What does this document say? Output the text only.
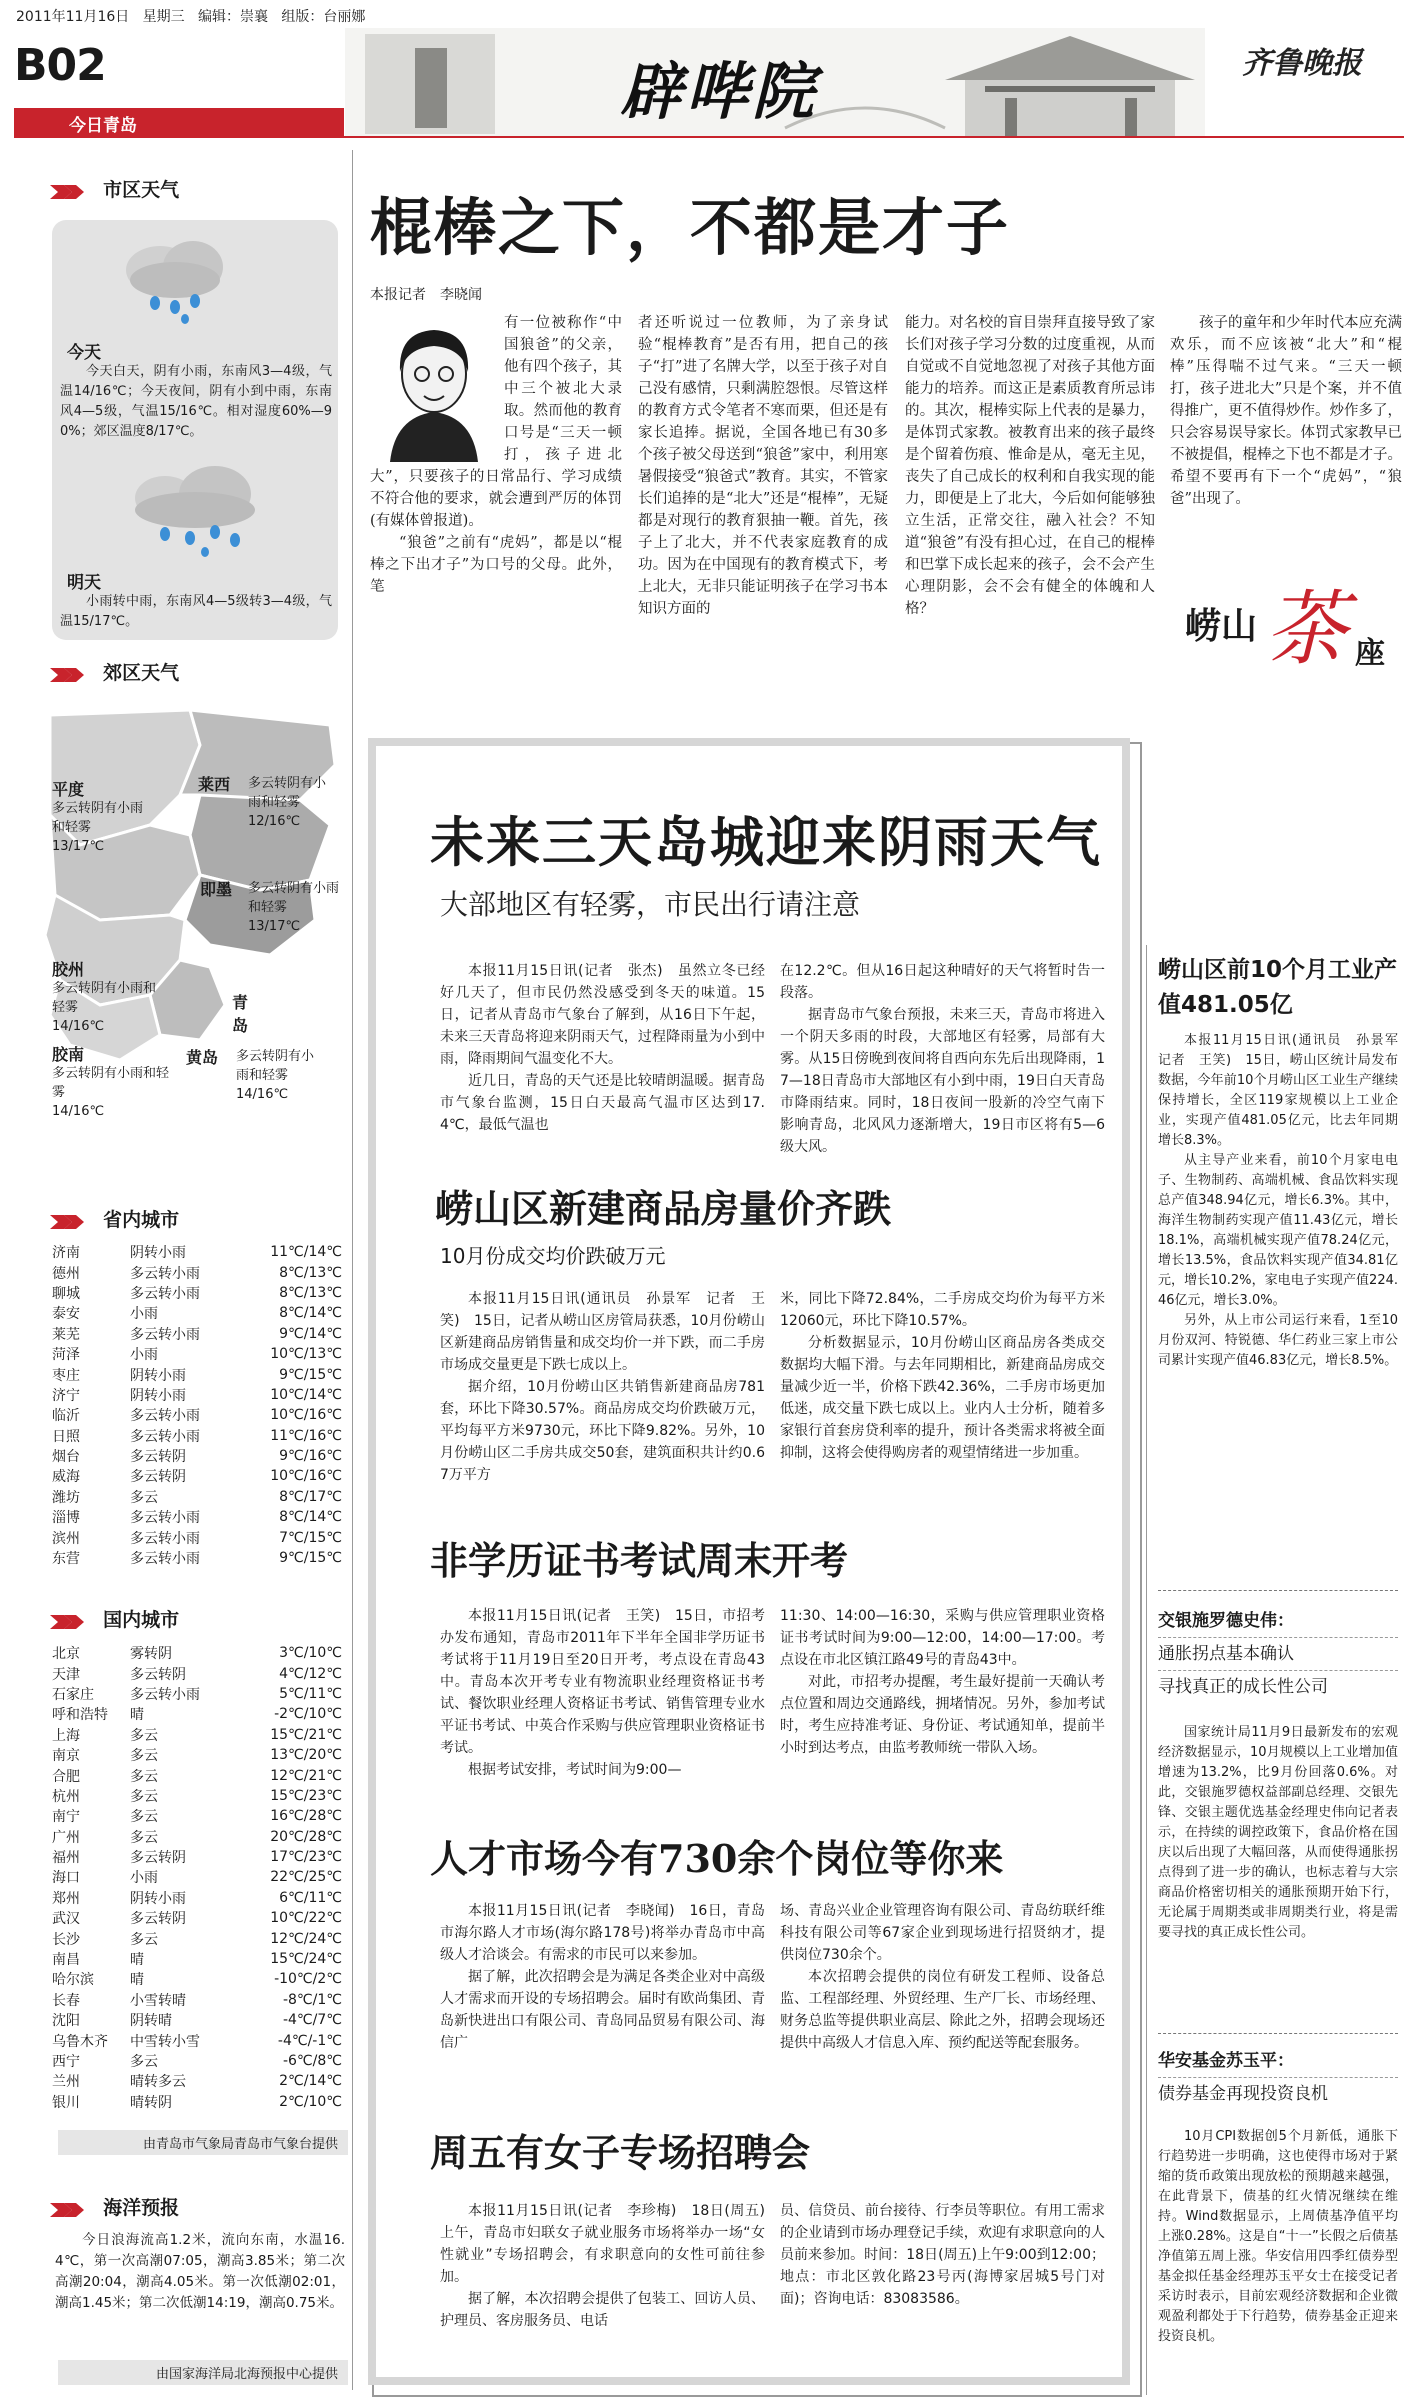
2011年11月16日 星期三 编辑：崇襄 组版：台丽娜
B02
今日青岛	辟哔院	齐鲁晚报
市区天气
今天

今天白天，阴有小雨，东南风3—4级，气温14/16℃；今天夜间，阴有小到中雨，东南风4—5级，气温15/16℃。相对湿度60%—90%；郊区温度8/17℃。

明天

小雨转中雨，东南风4—5级转3—4级，气温15/17℃。

郊区天气
平度
多云转阴有小雨和轻雾
13/17℃
莱西	多云转阴有小雨和轻雾
12/16℃
即墨	多云转阴有小雨和轻雾
13/17℃
胶州
多云转阴有小雨和轻雾
14/16℃
青岛
胶南
多云转阴有小雨和轻雾
14/16℃
黄岛	多云转阴有小雨和轻雾
14/16℃
省内城市
济南	阴转小雨	11℃/14℃
德州	多云转小雨	8℃/13℃
聊城	多云转小雨	8℃/13℃
泰安	小雨	8℃/14℃
莱芜	多云转小雨	9℃/14℃
菏泽	小雨	10℃/13℃
枣庄	阴转小雨	9℃/15℃
济宁	阴转小雨	10℃/14℃
临沂	多云转小雨	10℃/16℃
日照	多云转小雨	11℃/16℃
烟台	多云转阴	9℃/16℃
威海	多云转阴	10℃/16℃
潍坊	多云	8℃/17℃
淄博	多云转小雨	8℃/14℃
滨州	多云转小雨	7℃/15℃
东营	多云转小雨	9℃/15℃
国内城市
北京	雾转阴	3℃/10℃
天津	多云转阴	4℃/12℃
石家庄	多云转小雨	5℃/11℃
呼和浩特	晴	-2℃/10℃
上海	多云	15℃/21℃
南京	多云	13℃/20℃
合肥	多云	12℃/21℃
杭州	多云	15℃/23℃
南宁	多云	16℃/28℃
广州	多云	20℃/28℃
福州	多云转阴	17℃/23℃
海口	小雨	22℃/25℃
郑州	阴转小雨	6℃/11℃
武汉	多云转阴	10℃/22℃
长沙	多云	12℃/24℃
南昌	晴	15℃/24℃
哈尔滨	晴	-10℃/2℃
长春	小雪转晴	-8℃/1℃
沈阳	阴转晴	-4℃/7℃
乌鲁木齐	中雪转小雪	-4℃/-1℃
西宁	多云	-6℃/8℃
兰州	晴转多云	2℃/14℃
银川	晴转阴	2℃/10℃
由青岛市气象局青岛市气象台提供
海洋预报

今日浪海流高1.2米，流向东南，水温16.4℃，第一次高潮07:05，潮高3.85米；第二次高潮20:04，潮高4.05米。第一次低潮02:01，潮高1.45米；第二次低潮14:19，潮高0.75米。

由国家海洋局北海预报中心提供
棍棒之下，不都是才子
本报记者　李晓闻

有一位被称作“中国狼爸”的父亲，他有四个孩子，其中三个被北大录取。然而他的教育口号是“三天一顿打，孩子进北大”，只要孩子的日常品行、学习成绩不符合他的要求，就会遭到严厉的体罚(有媒体曾报道)。

“狼爸”之前有“虎妈”，都是以“棍棒之下出才子”为口号的父母。此外，笔

者还听说过一位教师，为了亲身试验“棍棒教育”是否有用，把自己的孩子“打”进了名牌大学，以至于孩子对自己没有感情，只剩满腔怨恨。尽管这样的教育方式令笔者不寒而栗，但还是有家长追捧。据说，全国各地已有30多个孩子被父母送到“狼爸”家中，利用寒暑假接受“狼爸式”教育。其实，不管家长们追捧的是“北大”还是“棍棒”，无疑都是对现行的教育狠抽一鞭。首先，孩子上了北大，并不代表家庭教育的成功。因为在中国现有的教育模式下，考上北大，无非只能证明孩子在学习书本知识方面的

能力。对名校的盲目崇拜直接导致了家长们对孩子学习分数的过度重视，从而自觉或不自觉地忽视了对孩子其他方面能力的培养。而这正是素质教育所忌讳的。其次，棍棒实际上代表的是暴力，是体罚式家教。被教育出来的孩子最终是个留着伤痕、惟命是从，毫无主见，丧失了自己成长的权利和自我实现的能力，即便是上了北大，今后如何能够独立生活，正常交往，融入社会？不知道“狼爸”有没有担心过，在自己的棍棒和巴掌下成长起来的孩子，会不会产生心理阴影，会不会有健全的体魄和人格？

孩子的童年和少年时代本应充满欢乐，而不应该被“北大”和“棍棒”压得喘不过气来。“三天一顿打，孩子进北大”只是个案，并不值得推广，更不值得炒作。炒作多了，只会容易误导家长。体罚式家教早已不被提倡，棍棒之下也不都是才子。希望不要再有下一个“虎妈”，“狼爸”出现了。

崂山 茶 座
未来三天岛城迎来阴雨天气
大部地区有轻雾，市民出行请注意

本报11月15日讯(记者　张杰)　虽然立冬已经好几天了，但市民仍然没感受到冬天的味道。15日，记者从青岛市气象台了解到，从16日下午起，未来三天青岛将迎来阴雨天气，过程降雨量为小到中雨，降雨期间气温变化不大。

近几日，青岛的天气还是比较晴朗温暖。据青岛市气象台监测，15日白天最高气温市区达到17.4℃，最低气温也

在12.2℃。但从16日起这种晴好的天气将暂时告一段落。

据青岛市气象台预报，未来三天，青岛市将进入一个阴天多雨的时段，大部地区有轻雾，局部有大雾。从15日傍晚到夜间将自西向东先后出现降雨，17—18日青岛市大部地区有小到中雨，19日白天青岛市降雨结束。同时，18日夜间一股新的冷空气南下影响青岛，北风风力逐渐增大，19日市区将有5—6级大风。

崂山区新建商品房量价齐跌
10月份成交均价跌破万元

本报11月15日讯(通讯员　孙景军　记者　王笑)　15日，记者从崂山区房管局获悉，10月份崂山区新建商品房销售量和成交均价一并下跌，而二手房市场成交量更是下跌七成以上。

据介绍，10月份崂山区共销售新建商品房781套，环比下降30.57%。商品房成交均价跌破万元，平均每平方米9730元，环比下降9.82%。另外，10月份崂山区二手房共成交50套，建筑面积共计约0.67万平方

米，同比下降72.84%，二手房成交均价为每平方米12060元，环比下降10.57%。

分析数据显示，10月份崂山区商品房各类成交数据均大幅下滑。与去年同期相比，新建商品房成交量减少近一半，价格下跌42.36%，二手房市场更加低迷，成交量下跌七成以上。业内人士分析，随着多家银行首套房贷利率的提升，预计各类需求将被全面抑制，这将会使得购房者的观望情绪进一步加重。

非学历证书考试周末开考

本报11月15日讯(记者　王笑)　15日，市招考办发布通知，青岛市2011年下半年全国非学历证书考试将于11月19日至20日开考，考点设在青岛43中。青岛本次开考专业有物流职业经理资格证书考试、餐饮职业经理人资格证书考试、销售管理专业水平证书考试、中英合作采购与供应管理职业资格证书考试。

根据考试安排，考试时间为9:00—

11:30、14:00—16:30，采购与供应管理职业资格证书考试时间为9:00—12:00，14:00—17:00。考点设在市北区镇江路49号的青岛43中。

对此，市招考办提醒，考生最好提前一天确认考点位置和周边交通路线，拥堵情况。另外，参加考试时，考生应持准考证、身份证、考试通知单，提前半小时到达考点，由监考教师统一带队入场。

人才市场今有730余个岗位等你来

本报11月15日讯(记者　李晓闻)　16日，青岛市海尔路人才市场(海尔路178号)将举办青岛市中高级人才洽谈会。有需求的市民可以来参加。

据了解，此次招聘会是为满足各类企业对中高级人才需求而开设的专场招聘会。届时有欧尚集团、青岛新快进出口有限公司、青岛同品贸易有限公司、海信广

场、青岛兴业企业管理咨询有限公司、青岛纺联纤维科技有限公司等67家企业到现场进行招贤纳才，提供岗位730余个。

本次招聘会提供的岗位有研发工程师、设备总监、工程部经理、外贸经理、生产厂长、市场经理、财务总监等提供职业高层、除此之外，招聘会现场还提供中高级人才信息入库、预约配送等配套服务。

周五有女子专场招聘会

本报11月15日讯(记者　李珍梅)　18日(周五)上午，青岛市妇联女子就业服务市场将举办一场“女性就业”专场招聘会，有求职意向的女性可前往参加。

据了解，本次招聘会提供了包装工、回访人员、护理员、客房服务员、电话

员、信贷员、前台接待、行李员等职位。有用工需求的企业请到市场办理登记手续，欢迎有求职意向的人员前来参加。时间：18日(周五)上午9:00到12:00；地点：市北区敦化路23号丙(海博家居城5号门对面)；咨询电话：83083586。

崂山区前10个月工业产值481.05亿

本报11月15日讯(通讯员　孙景军　记者　王笑)　15日，崂山区统计局发布数据，今年前10个月崂山区工业生产继续保持增长，全区119家规模以上工业企业，实现产值481.05亿元，比去年同期增长8.3%。

从主导产业来看，前10个月家电电子、生物制药、高端机械、食品饮料实现总产值348.94亿元，增长6.3%。其中，海洋生物制药实现产值11.43亿元，增长18.1%，高端机械实现产值78.24亿元，增长13.5%，食品饮料实现产值34.81亿元，增长10.2%，家电电子实现产值224.46亿元，增长3.0%。

另外，从上市公司运行来看，1至10月份双河、特锐德、华仁药业三家上市公司累计实现产值46.83亿元，增长8.5%。

交银施罗德史伟：
通胀拐点基本确认
寻找真正的成长性公司

国家统计局11月9日最新发布的宏观经济数据显示，10月规模以上工业增加值增速为13.2%，比9月份回落0.6%。对此，交银施罗德权益部副总经理、交银先锋、交银主题优选基金经理史伟向记者表示，在持续的调控政策下，食品价格在国庆以后出现了大幅回落，从而使得通胀拐点得到了进一步的确认，也标志着与大宗商品价格密切相关的通胀预期开始下行，无论属于周期类或非周期类行业，将是需要寻找的真正成长性公司。

华安基金苏玉平：
债券基金再现投资良机

10月CPI数据创5个月新低，通胀下行趋势进一步明确，这也使得市场对于紧缩的货币政策出现放松的预期越来越强，在此背景下，债基的红火情况继续在维持。Wind数据显示，上周债基净值平均上涨0.28%。这是自“十一”长假之后债基净值第五周上涨。华安信用四季红债券型基金拟任基金经理苏玉平女士在接受记者采访时表示，目前宏观经济数据和企业微观盈利都处于下行趋势，债券基金正迎来投资良机。
